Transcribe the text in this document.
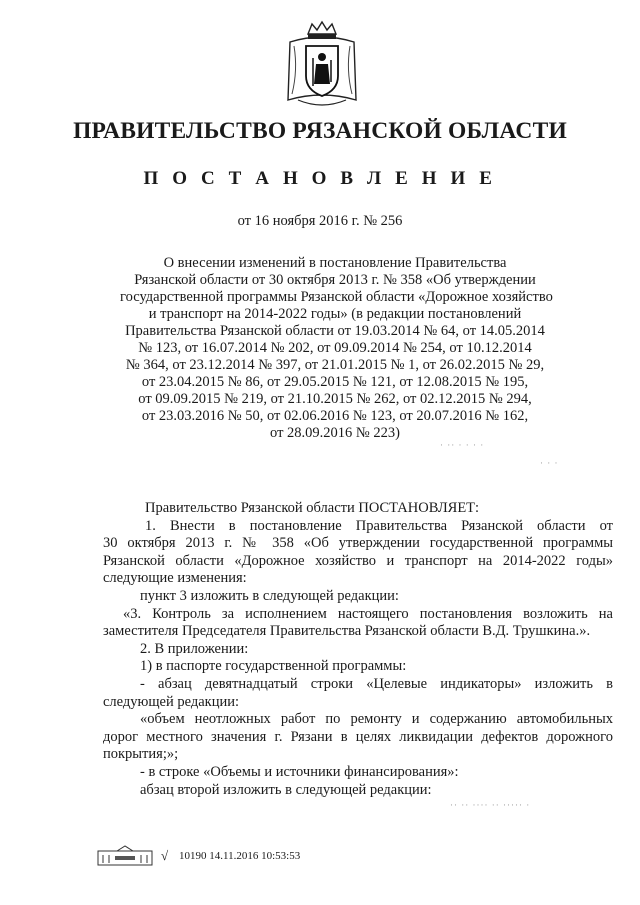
ПРАВИТЕЛЬСТВО РЯЗАНСКОЙ ОБЛАСТИ
П О С Т А Н О В Л Е Н И Е
от 16 ноября 2016 г. № 256
О внесении изменений в постановление Правительства
Рязанской области от 30 октября 2013 г. № 358 «Об утверждении
государственной программы Рязанской области «Дорожное хозяйство
и транспорт на 2014-2022 годы» (в редакции постановлений
Правительства Рязанской области от 19.03.2014 № 64, от 14.05.2014
№ 123, от 16.07.2014 № 202, от 09.09.2014 № 254, от 10.12.2014
№ 364, от 23.12.2014 № 397, от 21.01.2015 № 1, от 26.02.2015 № 29,
от 23.04.2015 № 86, от 29.05.2015 № 121, от 12.08.2015 № 195,
от 09.09.2015 № 219, от 21.10.2015 № 262, от 02.12.2015 № 294,
от 23.03.2016 № 50, от 02.06.2016 № 123, от 20.07.2016 № 162,
от 28.09.2016 № 223)
Правительство Рязанской области ПОСТАНОВЛЯЕТ:
1. Внести в постановление Правительства Рязанской области от
30 октября 2013 г. № 358 «Об утверждении государственной программы
Рязанской области «Дорожное хозяйство и транспорт на 2014-2022 годы»
следующие изменения:
пункт 3 изложить в следующей редакции:
«3. Контроль за исполнением настоящего постановления возложить на
заместителя Председателя Правительства Рязанской области В.Д. Трушкина.».
2. В приложении:
1) в паспорте государственной программы:
- абзац девятнадцатый строки «Целевые индикаторы» изложить в
следующей редакции:
«объем неотложных работ по ремонту и содержанию автомобильных
дорог местного значения г. Рязани в целях ликвидации дефектов дорожного
покрытия;»;
- в строке «Объемы и источники финансирования»:
абзац второй изложить в следующей редакции:
· ·· · · · ·
· · ·
·· ·· ···· ·· ····· ·
√ 10190 14.11.2016 10:53:53
